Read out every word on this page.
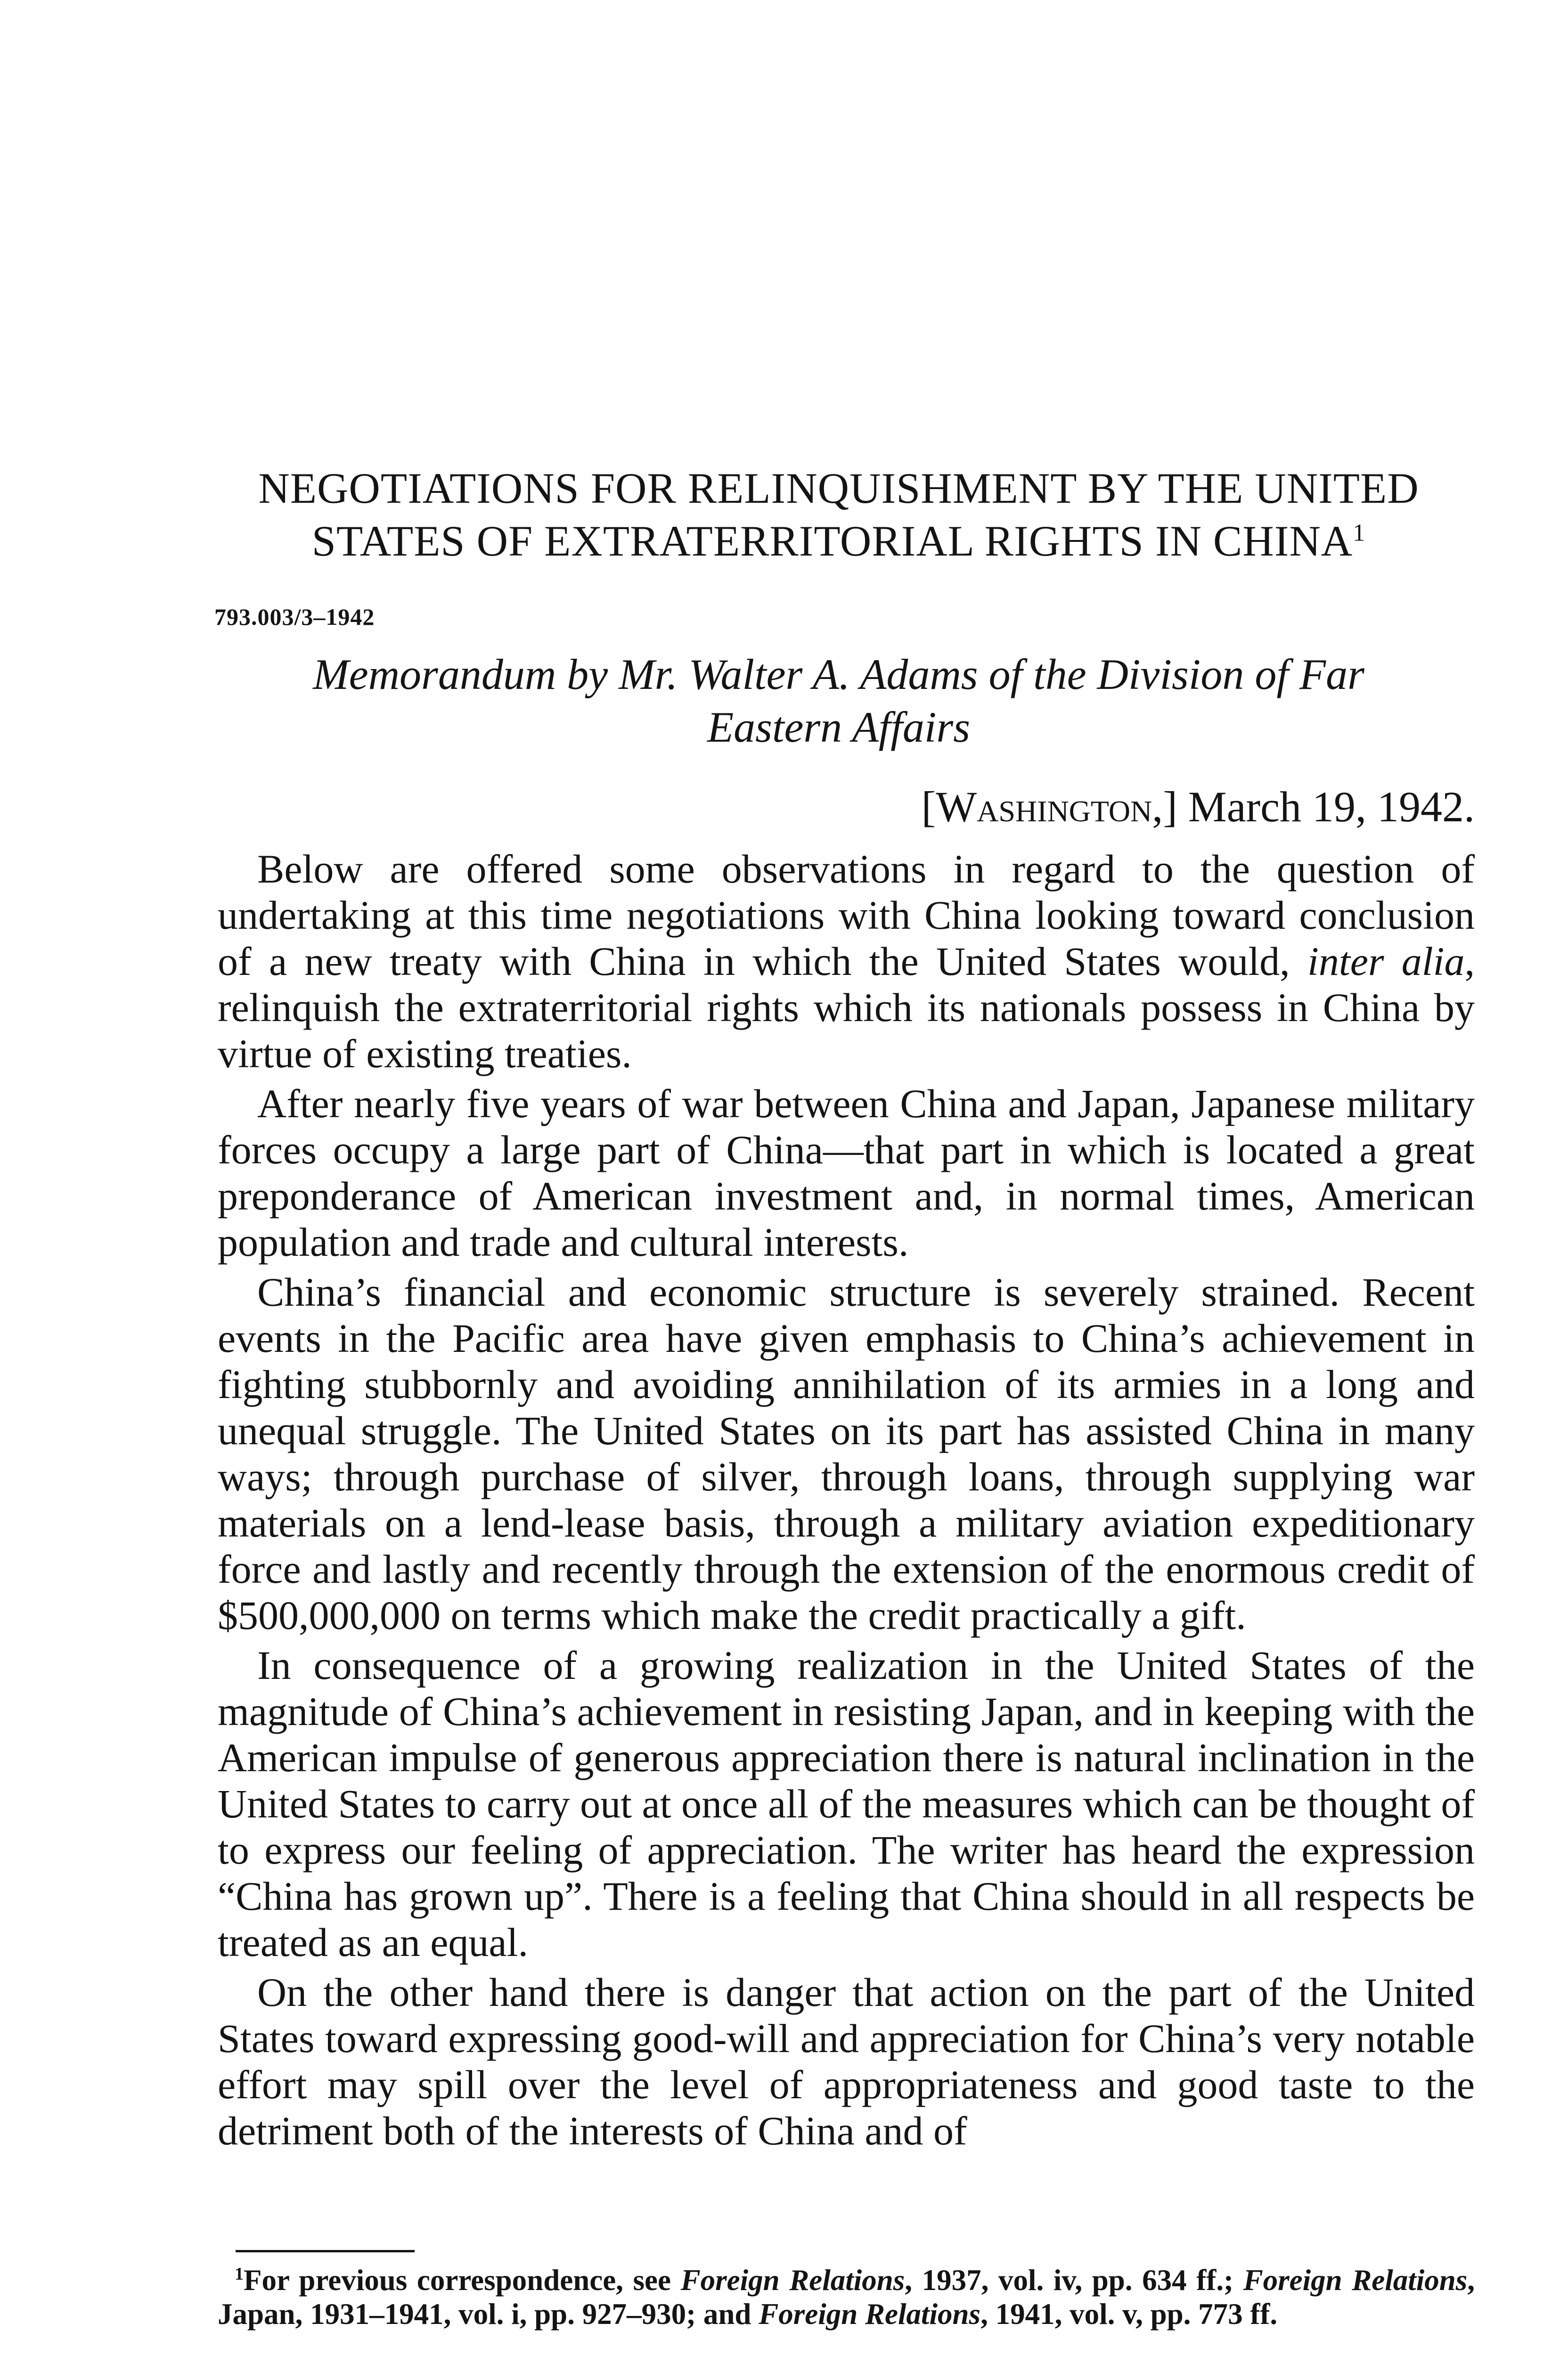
NEGOTIATIONS FOR RELINQUISHMENT BY THE UNITED
STATES OF EXTRATERRITORIAL RIGHTS IN CHINA$^1$
793.003/3–1942
Memorandum by Mr. Walter A. Adams of the Division of Far
Eastern Affairs
[Washington,] March 19, 1942.

Below are offered some observations in regard to the question of undertaking at this time negotiations with China looking toward conclusion of a new treaty with China in which the United States would, inter alia, relinquish the extraterritorial rights which its nationals possess in China by virtue of existing treaties.

After nearly five years of war between China and Japan, Japanese military forces occupy a large part of China—that part in which is located a great preponderance of American investment and, in normal times, American population and trade and cultural interests.

China’s financial and economic structure is severely strained. Recent events in the Pacific area have given emphasis to China’s achievement in fighting stubbornly and avoiding annihilation of its armies in a long and unequal struggle. The United States on its part has assisted China in many ways; through purchase of silver, through loans, through supplying war materials on a lend-lease basis, through a military aviation expeditionary force and lastly and recently through the extension of the enormous credit of $500,000,000 on terms which make the credit practically a gift.

In consequence of a growing realization in the United States of the magnitude of China’s achievement in resisting Japan, and in keeping with the American impulse of generous appreciation there is natural inclination in the United States to carry out at once all of the measures which can be thought of to express our feeling of appreciation. The writer has heard the expression “China has grown up”. There is a feeling that China should in all respects be treated as an equal.

On the other hand there is danger that action on the part of the United States toward expressing good-will and appreciation for China’s very notable effort may spill over the level of appropriateness and good taste to the detriment both of the interests of China and of

$^1$For previous correspondence, see Foreign Relations, 1937, vol. iv, pp. 634 ff.; Foreign Relations, Japan, 1931–1941, vol. i, pp. 927–930; and Foreign Relations, 1941, vol. v, pp. 773 ff.
